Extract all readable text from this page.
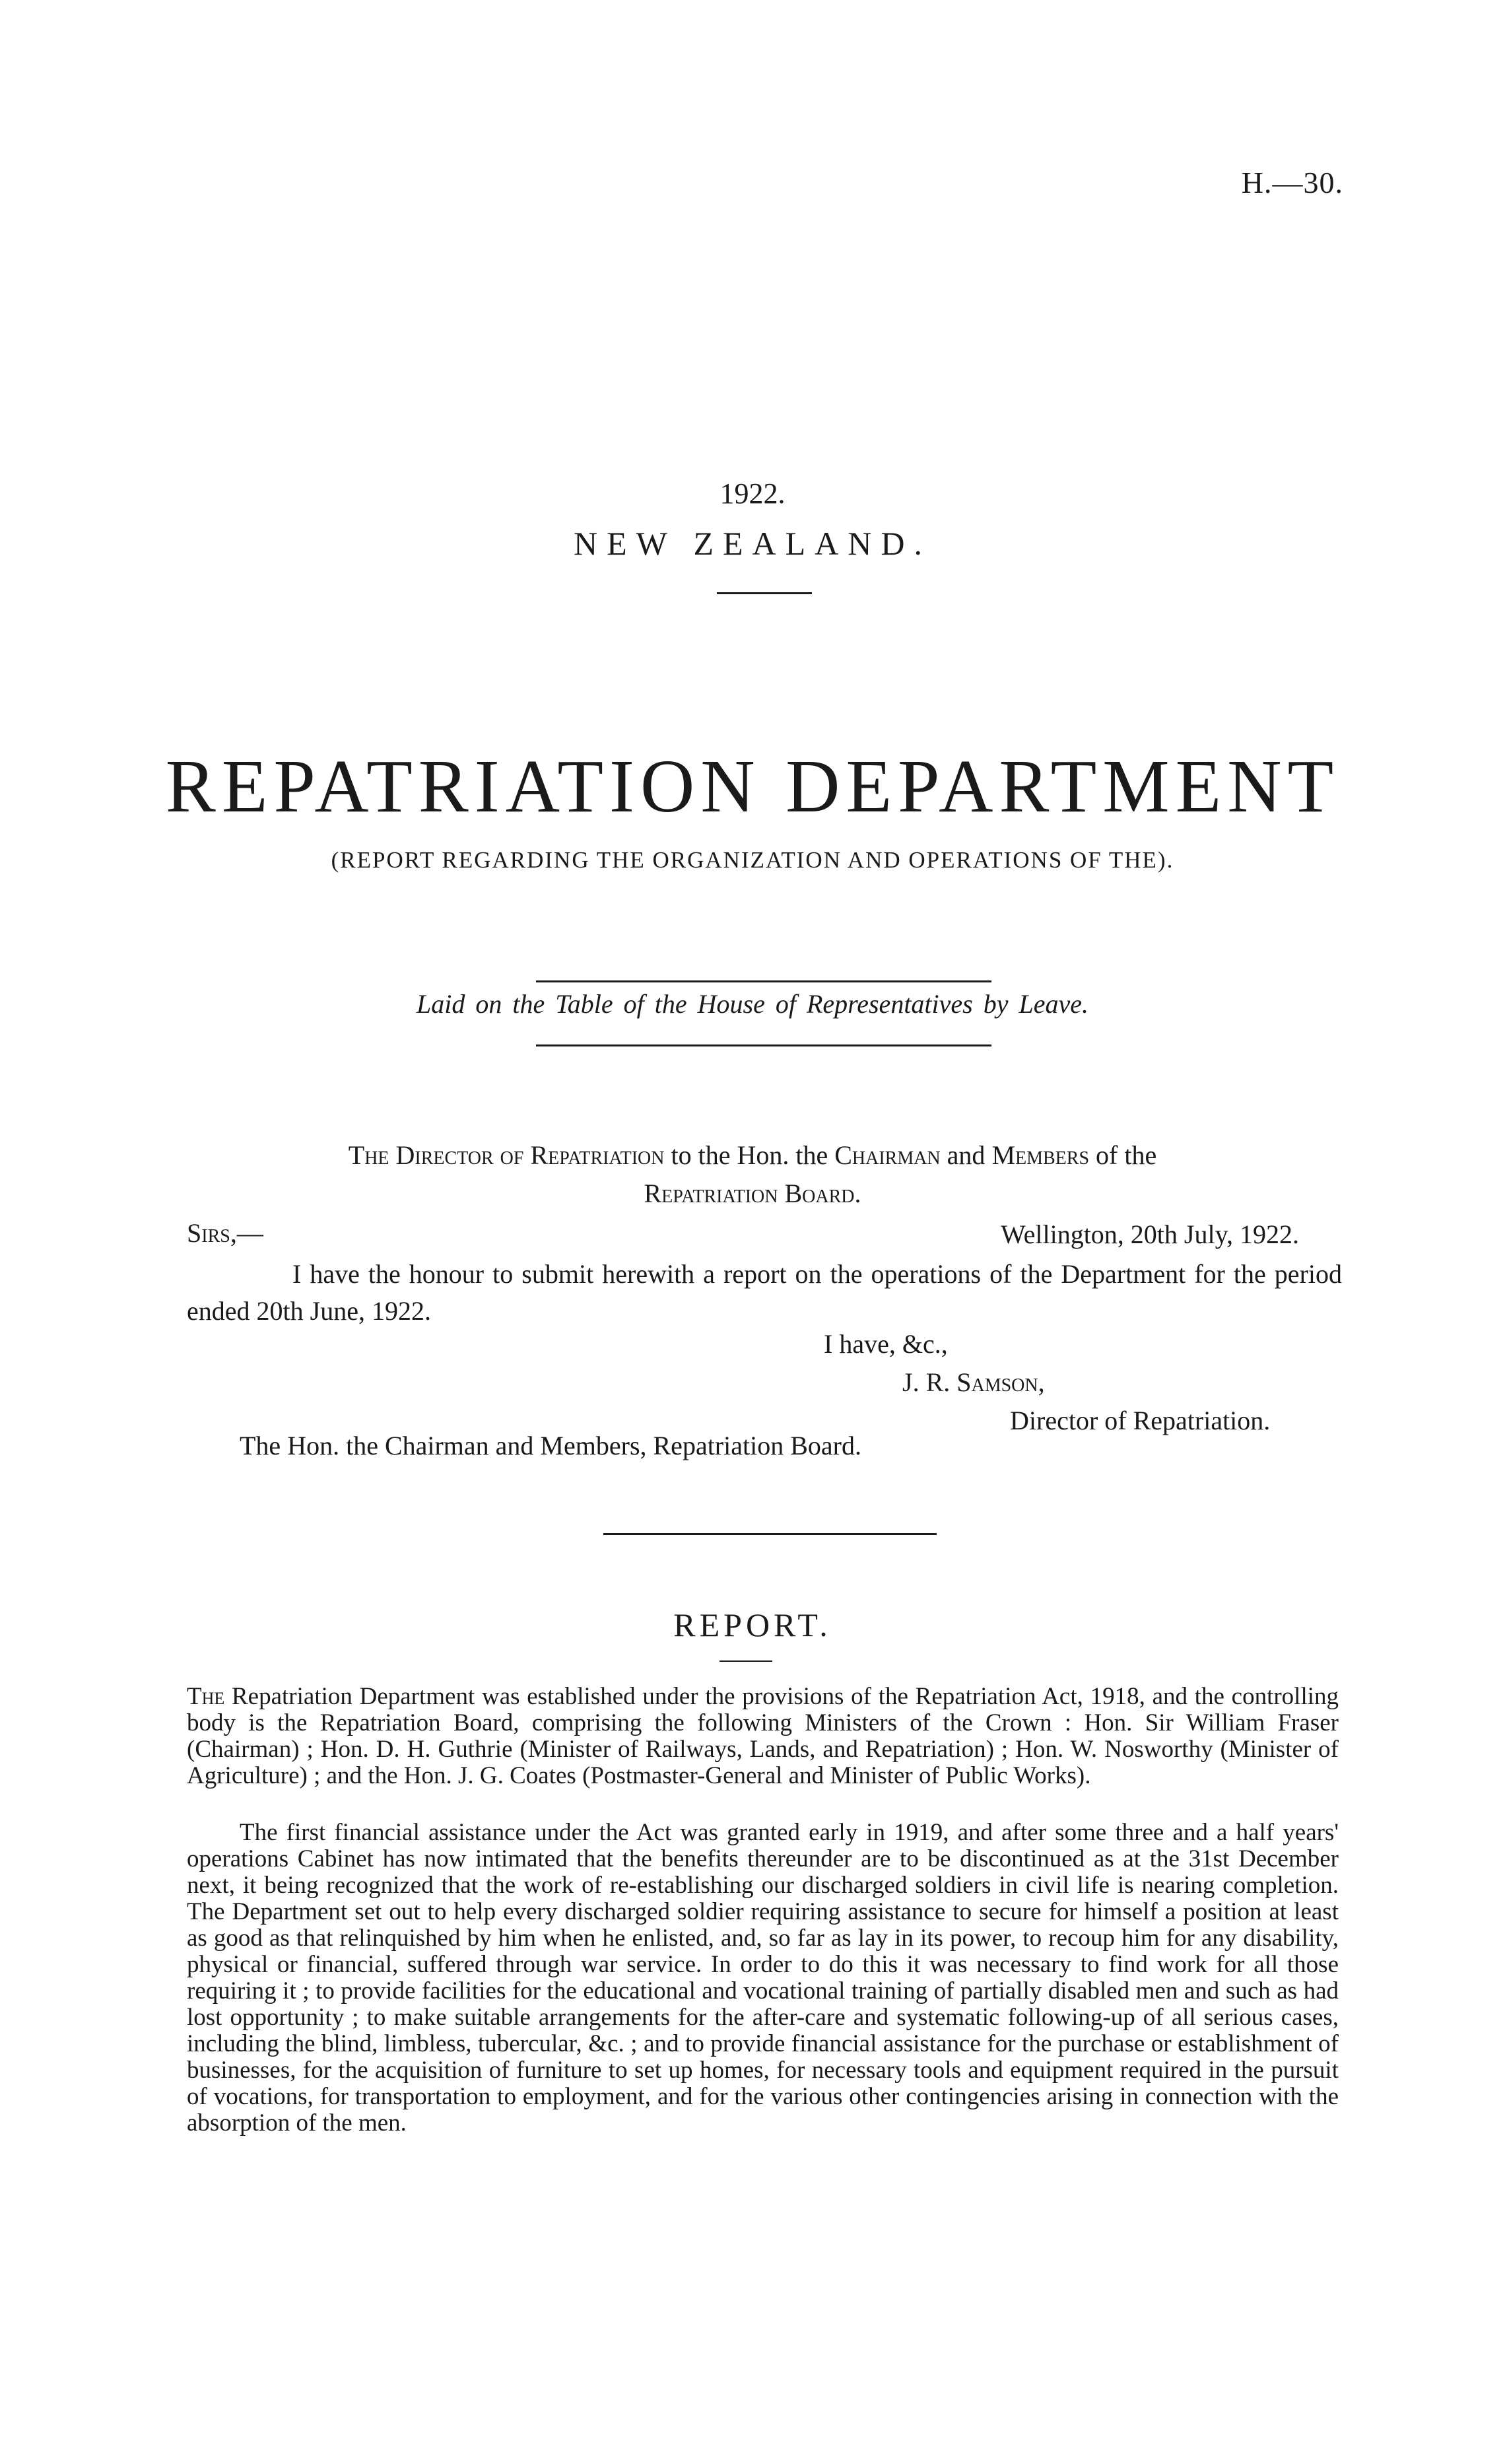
H.—30.
1922.
NEW ZEALAND.
REPATRIATION DEPARTMENT
(REPORT REGARDING THE ORGANIZATION AND OPERATIONS OF THE).
Laid on the Table of the House of Representatives by Leave.
The Director of Repatriation to the Hon. the Chairman and Members of the
Repatriation Board.
Sirs,—	Wellington, 20th July, 1922.
I have the honour to submit herewith a report on the operations of the Department for the period ended 20th June, 1922.
I have, &c.,
J. R. Samson,
Director of Repatriation.
The Hon. the Chairman and Members, Repatriation Board.
REPORT.
The Repatriation Department was established under the provisions of the Repatriation Act, 1918, and the controlling body is the Repatriation Board, comprising the following Ministers of the Crown : Hon. Sir William Fraser (Chairman) ; Hon. D. H. Guthrie (Minister of Railways, Lands, and Repatriation) ; Hon. W. Nosworthy (Minister of Agriculture) ; and the Hon. J. G. Coates (Postmaster-General and Minister of Public Works).
The first financial assistance under the Act was granted early in 1919, and after some three and a half years' operations Cabinet has now intimated that the benefits thereunder are to be discontinued as at the 31st December next, it being recognized that the work of re-establishing our discharged soldiers in civil life is nearing completion. The Department set out to help every discharged soldier requiring assistance to secure for himself a position at least as good as that relinquished by him when he enlisted, and, so far as lay in its power, to recoup him for any disability, physical or financial, suffered through war service. In order to do this it was necessary to find work for all those requiring it ; to provide facilities for the educational and vocational training of partially disabled men and such as had lost opportunity ; to make suitable arrangements for the after-care and systematic following-up of all serious cases, including the blind, limbless, tubercular, &c. ; and to provide financial assistance for the purchase or establishment of businesses, for the acquisition of furniture to set up homes, for necessary tools and equipment required in the pursuit of vocations, for transportation to employment, and for the various other contingencies arising in connection with the absorption of the men.
